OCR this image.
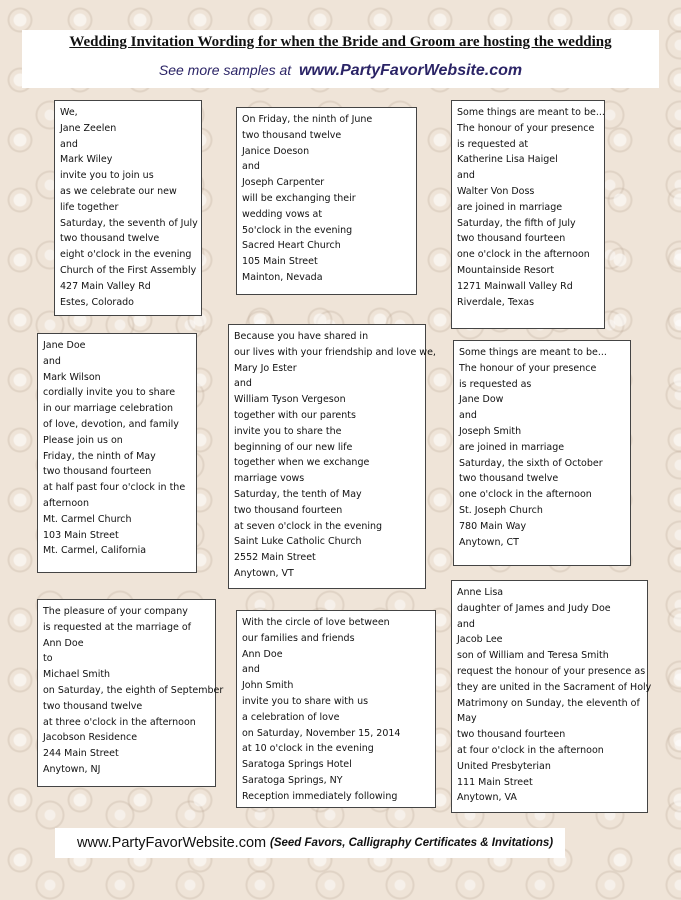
Wedding Invitation Wording for when the Bride and Groom are hosting the wedding
See more samples at www.PartyFavorWebsite.com
We,
Jane Zeelen
and
Mark Wiley
invite you to join us
as we celebrate our new
life together
Saturday, the seventh of July
two thousand twelve
eight o'clock in the evening
Church of the First Assembly
427 Main Valley Rd
Estes, Colorado
On Friday, the ninth of June
two thousand twelve
Janice Doeson
and
Joseph Carpenter
will be exchanging their
wedding vows at
5o'clock in the evening
Sacred Heart Church
105 Main Street
Mainton, Nevada
Some things are meant to be...
The honour of your presence
is requested at
Katherine Lisa Haigel
and
Walter Von Doss
are joined in marriage
Saturday, the fifth of July
two thousand fourteen
one o'clock in the afternoon
Mountainside Resort
1271 Mainwall Valley Rd
Riverdale, Texas
Jane Doe
and
Mark Wilson
cordially invite you to share
in our marriage celebration
of love, devotion, and family
Please join us on
Friday, the ninth of May
two thousand fourteen
at half past four o'clock in the
afternoon
Mt. Carmel Church
103 Main Street
Mt. Carmel, California
Because you have shared in
our lives with your friendship and love we,
Mary Jo Ester
and
William Tyson Vergeson
together with our parents
invite you to share the
beginning of our new life
together when we exchange
marriage vows
Saturday, the tenth of May
two thousand fourteen
at seven o'clock in the evening
Saint Luke Catholic Church
2552 Main Street
Anytown, VT
Some things are meant to be...
The honour of your presence
is requested as
Jane Dow
and
Joseph Smith
are joined in marriage
Saturday, the sixth of October
two thousand twelve
one o'clock in the afternoon
St. Joseph Church
780 Main Way
Anytown, CT
The pleasure of your company
is requested at the marriage of
Ann Doe
to
Michael Smith
on Saturday, the eighth of September
two thousand twelve
at three o'clock in the afternoon
Jacobson Residence
244 Main Street
Anytown, NJ
With the circle of love between
our families and friends
Ann Doe
and
John Smith
invite you to share with us
a celebration of love
on Saturday, November 15, 2014
at 10 o'clock in the evening
Saratoga Springs Hotel
Saratoga Springs, NY
Reception immediately following
Anne Lisa
daughter of James and Judy Doe
and
Jacob Lee
son of William and Teresa Smith
request the honour of your presence as
they are united in the Sacrament of Holy
Matrimony on Sunday, the eleventh of
May
two thousand fourteen
at four o'clock in the afternoon
United Presbyterian
111 Main Street
Anytown, VA
www.PartyFavorWebsite.com (Seed Favors, Calligraphy Certificates & Invitations)
